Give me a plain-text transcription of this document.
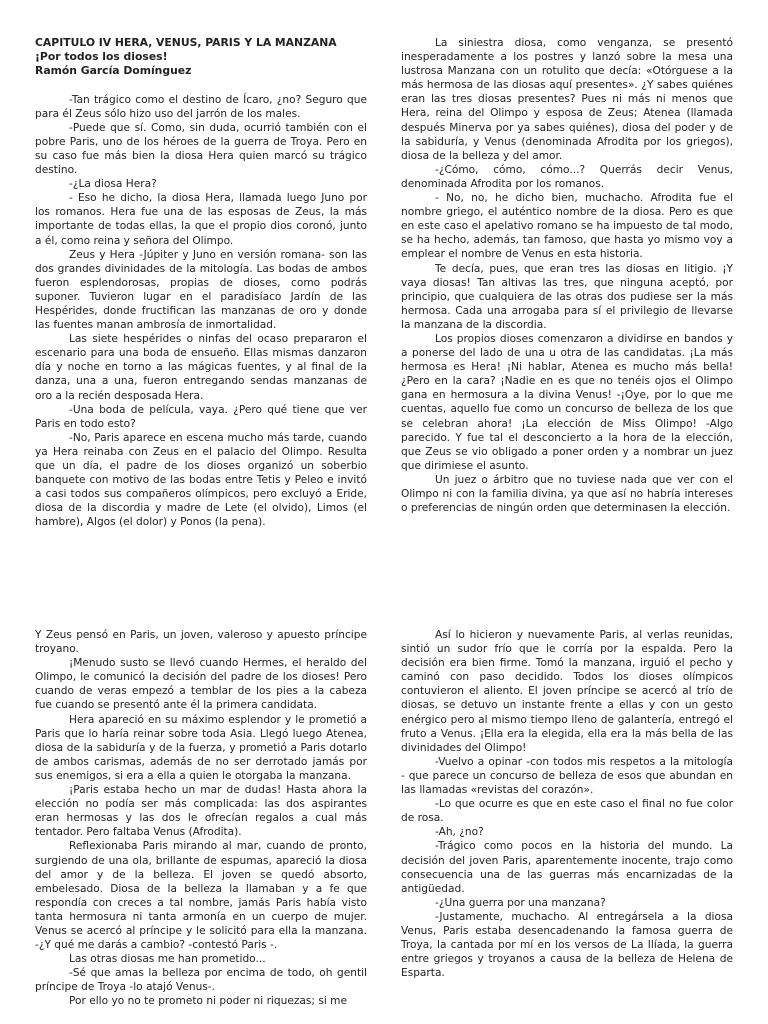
CAPITULO IV HERA, VENUS, PARIS Y LA MANZANA
¡Por todos los dioses!
Ramón García Domínguez

-Tan trágico como el destino de Ícaro, ¿no? Seguro que para él Zeus sólo hizo uso del jarrón de los males.

-Puede que sí. Como, sin duda, ocurrió también con el pobre Paris, uno de los héroes de la guerra de Troya. Pero en su caso fue más bien la diosa Hera quien marcó su trágico destino.

-¿La diosa Hera?

- Eso he dicho, la diosa Hera, llamada luego Juno por los romanos. Hera fue una de las esposas de Zeus, la más importante de todas ellas, la que el propio dios coronó, junto a él, como reina y señora del Olimpo.

Zeus y Hera -Júpiter y Juno en versión romana- son las dos grandes divinidades de la mitología. Las bodas de ambos fueron esplendorosas, propias de dioses, como podrás suponer. Tuvieron lugar en el paradisíaco Jardín de las Hespérides, donde fructifican las manzanas de oro y donde las fuentes manan ambrosía de inmortalidad.

Las siete hespérides o ninfas del ocaso prepararon el escenario para una boda de ensueño. Ellas mismas danzaron día y noche en torno a las mágicas fuentes, y al final de la danza, una a una, fueron entregando sendas manzanas de oro a la recién desposada Hera.

-Una boda de película, vaya. ¿Pero qué tiene que ver Paris en todo esto?

-No, Paris aparece en escena mucho más tarde, cuando ya Hera reinaba con Zeus en el palacio del Olimpo. Resulta que un día, el padre de los dioses organizó un soberbio banquete con motivo de las bodas entre Tetis y Peleo e invitó a casi todos sus compañeros olímpicos, pero excluyó a Eride, diosa de la discordia y madre de Lete (el olvido), Limos (el hambre), Algos (el dolor) y Ponos (la pena).

La siniestra diosa, como venganza, se presentó inesperadamente a los postres y lanzó sobre la mesa una lustrosa Manzana con un rotulito que decía: «Otórguese a la más hermosa de las diosas aquí presentes». ¿Y sabes quiénes eran las tres diosas presentes? Pues ni más ni menos que Hera, reina del Olimpo y esposa de Zeus; Atenea (llamada después Minerva por ya sabes quiénes), diosa del poder y de la sabiduría, y Venus (denominada Afrodita por los griegos), diosa de la belleza y del amor.

-¿Cómo, cómo, cómo...? Querrás decir Venus, denominada Afrodita por los romanos.

- No, no, he dicho bien, muchacho. Afrodita fue el nombre griego, el auténtico nombre de la diosa. Pero es que en este caso el apelativo romano se ha impuesto de tal modo, se ha hecho, además, tan famoso, que hasta yo mismo voy a emplear el nombre de Venus en esta historia.

Te decía, pues, que eran tres las diosas en litigio. ¡Y vaya diosas! Tan altivas las tres, que ninguna aceptó, por principio, que cualquiera de las otras dos pudiese ser la más hermosa. Cada una arrogaba para sí el privilegio de llevarse la manzana de la discordia.

Los propios dioses comenzaron a dividirse en bandos y a ponerse del lado de una u otra de las candidatas. ¡La más hermosa es Hera! ¡Ni hablar, Atenea es mucho más bella! ¿Pero en la cara? ¡Nadie en es que no tenéis ojos el Olimpo gana en hermosura a la divina Venus! -¡Oye, por lo que me cuentas, aquello fue como un concurso de belleza de los que se celebran ahora! ¡La elección de Miss Olimpo! -Algo parecido. Y fue tal el desconcierto a la hora de la elección, que Zeus se vio obligado a poner orden y a nombrar un juez que dirimiese el asunto.

Un juez o árbitro que no tuviese nada que ver con el Olimpo ni con la familia divina, ya que así no habría intereses o preferencias de ningún orden que determinasen la elección.

Y Zeus pensó en Paris, un joven, valeroso y apuesto príncipe troyano.

¡Menudo susto se llevó cuando Hermes, el heraldo del Olimpo, le comunicó la decisión del padre de los dioses! Pero cuando de veras empezó a temblar de los pies a la cabeza fue cuando se presentó ante él la primera candidata.

Hera apareció en su máximo esplendor y le prometió a Paris que lo haría reinar sobre toda Asia. Llegó luego Atenea, diosa de la sabiduría y de la fuerza, y prometió a Paris dotarlo de ambos carismas, además de no ser derrotado jamás por sus enemigos, si era a ella a quien le otorgaba la manzana.

¡Paris estaba hecho un mar de dudas! Hasta ahora la elección no podía ser más complicada: las dos aspirantes eran hermosas y las dos le ofrecían regalos a cual más tentador. Pero faltaba Venus (Afrodita).

Reflexionaba Paris mirando al mar, cuando de pronto, surgiendo de una ola, brillante de espumas, apareció la diosa del amor y de la belleza. El joven se quedó absorto, embelesado. Diosa de la belleza la llamaban y a fe que respondía con creces a tal nombre, jamás Paris había visto tanta hermosura ni tanta armonía en un cuerpo de mujer. Venus se acercó al príncipe y le solicitó para ella la manzana. -¿Y qué me darás a cambio? -contestó Paris -.

Las otras diosas me han prometido...

-Sé que amas la belleza por encima de todo, oh gentil príncipe de Troya -lo atajó Venus-.

Por ello yo no te prometo ni poder ni riquezas; si me

Así lo hicieron y nuevamente Paris, al verlas reunidas, sintió un sudor frío que le corría por la espalda. Pero la decisión era bien firme. Tomó la manzana, irguió el pecho y caminó con paso decidido. Todos los dioses olímpicos contuvieron el aliento. El joven príncipe se acercó al trío de diosas, se detuvo un instante frente a ellas y con un gesto enérgico pero al mismo tiempo lleno de galantería, entregó el fruto a Venus. ¡Ella era la elegida, ella era la más bella de las divinidades del Olimpo!

-Vuelvo a opinar -con todos mis respetos a la mitología - que parece un concurso de belleza de esos que abundan en las llamadas «revistas del corazón».

-Lo que ocurre es que en este caso el final no fue color de rosa.

-Ah, ¿no?

-Trágico como pocos en la historia del mundo. La decisión del joven Paris, aparentemente inocente, trajo como consecuencia una de las guerras más encarnizadas de la antigüedad.

-¿Una guerra por una manzana?

-Justamente, muchacho. Al entregársela a la diosa Venus, Paris estaba desencadenando la famosa guerra de Troya, la cantada por mí en los versos de La Ilíada, la guerra entre griegos y troyanos a causa de la belleza de Helena de Esparta.
